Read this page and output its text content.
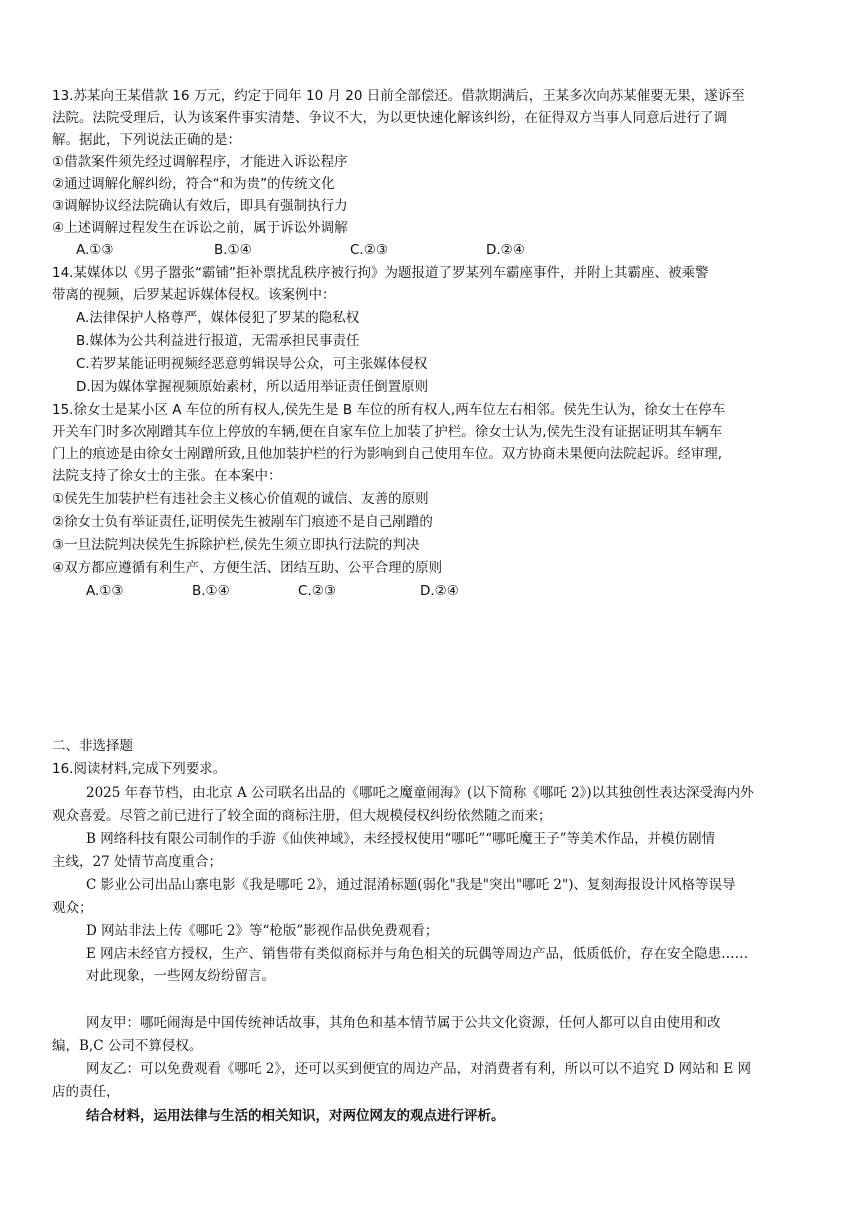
13.苏某向王某借款 16 万元，约定于同年 10 月 20 日前全部偿还。借款期满后，王某多次向苏某催要无果，遂诉至
法院。法院受理后，认为该案件事实清楚、争议不大，为以更快速化解该纠纷，在征得双方当事人同意后进行了调
解。据此，下列说法正确的是：
①借款案件须先经过调解程序，才能进入诉讼程序
②通过调解化解纠纷，符合“和为贵”的传统文化
③调解协议经法院确认有效后，即具有强制执行力
④上述调解过程发生在诉讼之前，属于诉讼外调解
A.①③	B.①④	C.②③	D.②④
14.某媒体以《男子嚣张“霸铺”拒补票扰乱秩序被行拘》为题报道了罗某列车霸座事件，并附上其霸座、被乘警
带离的视频，后罗某起诉媒体侵权。该案例中：
A.法律保护人格尊严，媒体侵犯了罗某的隐私权
B.媒体为公共利益进行报道，无需承担民事责任
C.若罗某能证明视频经恶意剪辑误导公众，可主张媒体侵权
D.因为媒体掌握视频原始素材，所以适用举证责任倒置原则
15.徐女士是某小区 A 车位的所有权人,侯先生是 B 车位的所有权人,两车位左右相邻。侯先生认为，徐女士在停车
开关车门时多次剐蹭其车位上停放的车辆,便在自家车位上加装了护栏。徐女士认为,侯先生没有证据证明其车辆车
门上的痕迹是由徐女士剐蹭所致,且他加装护栏的行为影响到自己使用车位。双方协商未果便向法院起诉。经审理,
法院支持了徐女士的主张。在本案中：
①侯先生加装护栏有违社会主义核心价值观的诚信、友善的原则
②徐女士负有举证责任,证明侯先生被剐车门痕迹不是自己剐蹭的
③一旦法院判决侯先生拆除护栏,侯先生须立即执行法院的判决
④双方都应遵循有利生产、方便生活、团结互助、公平合理的原则
A.①③	B.①④	C.②③	D.②④
二、非选择题
16.阅读材料,完成下列要求。
2025 年春节档，由北京 A 公司联名出品的《哪吒之魔童闹海》(以下简称《哪吒 2》)以其独创性表达深受海内外
观众喜爱。尽管之前已进行了较全面的商标注册，但大规模侵权纠纷依然随之而来；
B 网络科技有限公司制作的手游《仙侠神域》，未经授权使用“哪吒”“哪吒魔王子”等美术作品，并模仿剧情
主线，27 处情节高度重合；
C 影业公司出品山寨电影《我是哪吒 2》，通过混淆标题(弱化"我是"突出"哪吒 2")、复刻海报设计风格等误导
观众；
D 网站非法上传《哪吒 2》等“枪版”影视作品供免费观看；
E 网店未经官方授权，生产、销售带有类似商标并与角色相关的玩偶等周边产品，低质低价，存在安全隐患……
对此现象，一些网友纷纷留言。
网友甲：哪吒闹海是中国传统神话故事，其角色和基本情节属于公共文化资源，任何人都可以自由使用和改
编，B,C 公司不算侵权。
网友乙：可以免费观看《哪吒 2》，还可以买到便宜的周边产品，对消费者有利，所以可以不追究 D 网站和 E 网
店的责任，
结合材料，运用法律与生活的相关知识，对两位网友的观点进行评析。
